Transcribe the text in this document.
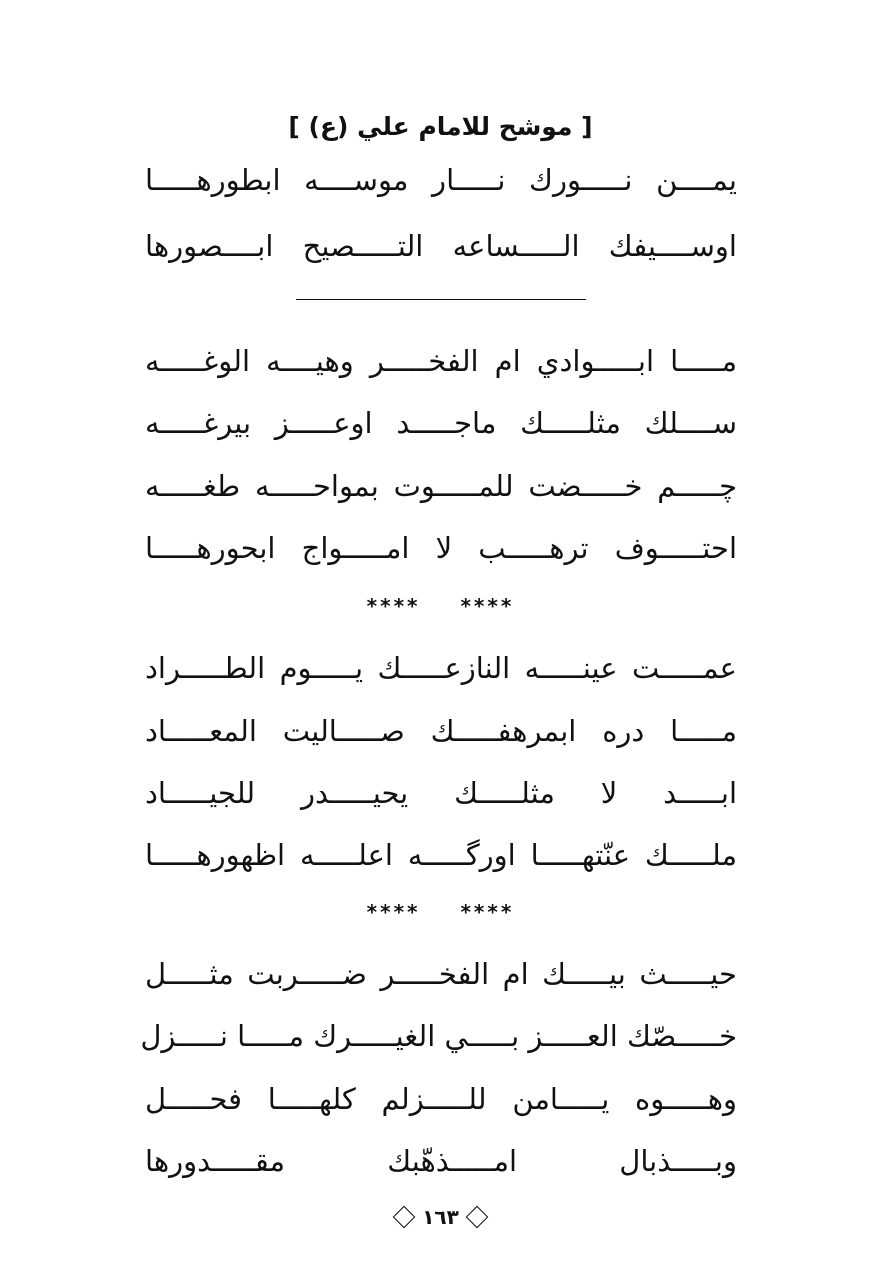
[ موشح للامام علي (ع) ]
يمــــن نـــــورك نـــــار موســــه ابطورهـــــا
اوســــيفك الـــــساعه التـــــصيح ابــــصورها
مـــــا ابـــــوادي ام الفخـــــر وهيــــه الوغـــــه
ســــلك مثلـــــك ماجـــــد اوعـــــز بيرغـــــه
چـــــم خـــــضت للمـــــوت بمواحـــــه طغـــــه
احتـــــوف ترهـــــب لا امـــــواج ابحورهـــــا
**** ****
عمـــــت عينـــــه النازعـــــك يـــــوم الطـــــراد
مـــــا دره ابمرهفـــــك صـــــاليت المعـــــاد
ابـــــد لا مثلـــــك يحيـــــدر للجيـــــاد
ملـــــك عنّتهـــــا اورگـــــه اعلـــــه اظهورهـــــا
**** ****
حيـــــث بيـــــك ام الفخـــــر ضـــــربت مثـــــل
خـــــصّك العـــــز بـــــي الغيـــــرك مـــــا نـــــزل
وهـــــوه يـــــامن للـــــزلم كلهـــــا فحـــــل
وبـــــذبال امـــــذهّبك مقـــــدورها
١٦٣
